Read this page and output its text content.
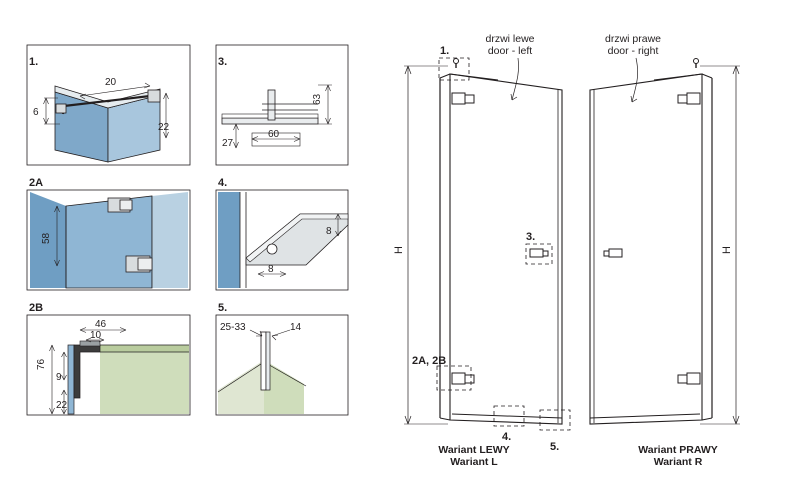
20
6
22
1.
58
2A
46
10
76
9
22
2B
63
27
60
3.
8
8
4.
25-33	14
5.
drzwi lewe
door - left
drzwi prawe
door - right
H
1.
3.
2A, 2B
4.
5.
Wariant LEWY
Wariant L
H
Wariant PRAWY
Wariant R
